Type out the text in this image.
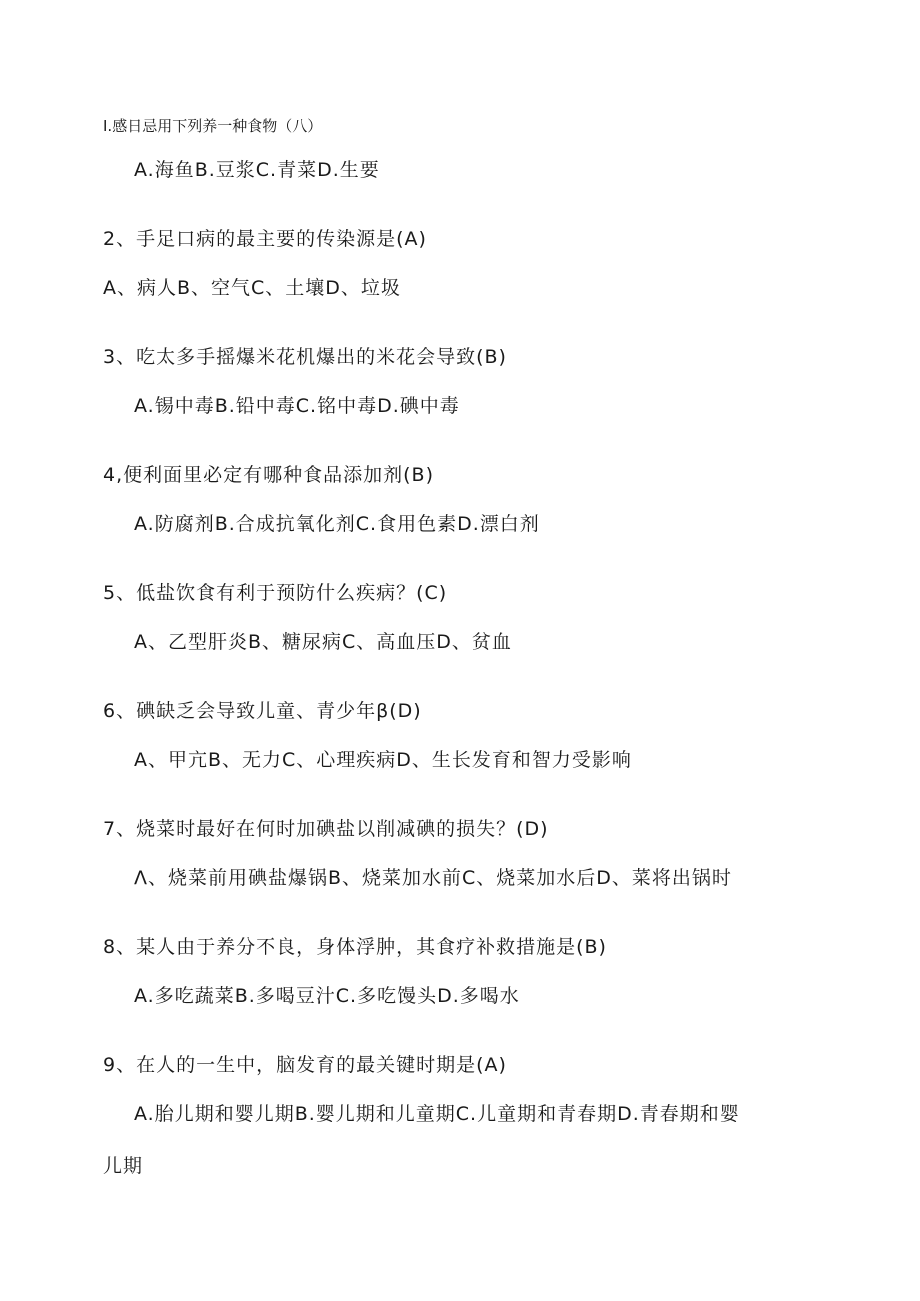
I.感日忌用下列养一种食物（八）
A.海鱼B.豆浆C.青菜D.生要
2、手足口病的最主要的传染源是(A)
A、病人B、空气C、土壤D、垃圾
3、吃太多手摇爆米花机爆出的米花会导致(B)
A.锡中毒B.铅中毒C.铭中毒D.碘中毒
4,便利面里必定有哪种食品添加剂(B)
A.防腐剂B.合成抗氧化剂C.食用色素D.漂白剂
5、低盐饮食有利于预防什么疾病？(C)
A、乙型肝炎B、糖尿病C、高血压D、贫血
6、碘缺乏会导致儿童、青少年β(D)
A、甲亢B、无力C、心理疾病D、生长发育和智力受影响
7、烧菜时最好在何时加碘盐以削减碘的损失？(D)
Λ、烧菜前用碘盐爆锅B、烧菜加水前C、烧菜加水后D、菜将出锅时
8、某人由于养分不良，身体浮肿，其食疗补救措施是(B)
A.多吃蔬菜B.多喝豆汁C.多吃馒头D.多喝水
9、在人的一生中，脑发育的最关键时期是(A)
A.胎儿期和婴儿期B.婴儿期和儿童期C.儿童期和青春期D.青春期和婴
儿期
